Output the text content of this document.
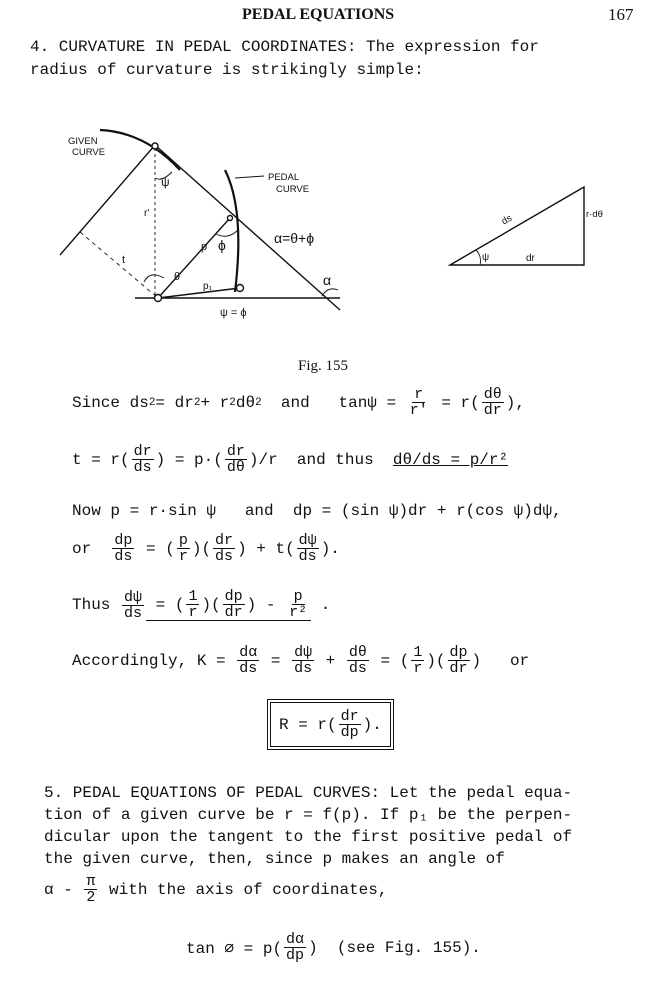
PEDAL EQUATIONS	167
4. CURVATURE IN PEDAL COORDINATES: The expression for
radius of curvature is strikingly simple:
GIVEN
CURVE
PEDAL
CURVE
r·dθ
ds
ψ
r'
ϕ
p
p₁
θ
t
α=θ+ϕ
α
ψ = ϕ
ψ	dr
Fig. 155
Since ds 2 = dr 2 + r 2 dθ 2 and   $\tan\psi = \frac{r}{r'} = r( \frac{d\theta}{dr}$ ),
$t = r( \frac{dr}{ds}$ ) = $p\cdot( \frac{dr}{d\theta} )/r$ and thus dθ/ds = p/r²
Now p = r·sin ψ   and  dp = (sin ψ)dr + r(cos ψ)dψ,
or $\frac{dp}{ds}$ = ( $\frac{p}{r}$ )( $\frac{dr}{ds}$ ) + $t( \frac{d\psi}{ds}$ ).
Thus $\frac{d\psi}{ds}$ = ( $\frac{1}{r}$ )( $\frac{dp}{dr}$ ) - $\frac{p}{\text{r²}}$ .
Accordingly, $K = \frac{d\alpha}{ds} = \frac{d\psi}{ds} + \frac{d\theta}{ds}$ = ( $\frac{1}{r}$ )( $\frac{dp}{dr}$ )   or
$R = r( \frac{dr}{dp}$ ).
5. PEDAL EQUATIONS OF PEDAL CURVES: Let the pedal equa-
tion of a given curve be r = f(p). If p₁ be the perpen-
dicular upon the tangent to the first positive pedal of
the given curve, then, since p makes an angle of
α - $\frac{\pi}{2}$ with the axis of coordinates,
tan ∅ = $p( \frac{d\alpha}{dp}$ )  (see Fig. 155).
